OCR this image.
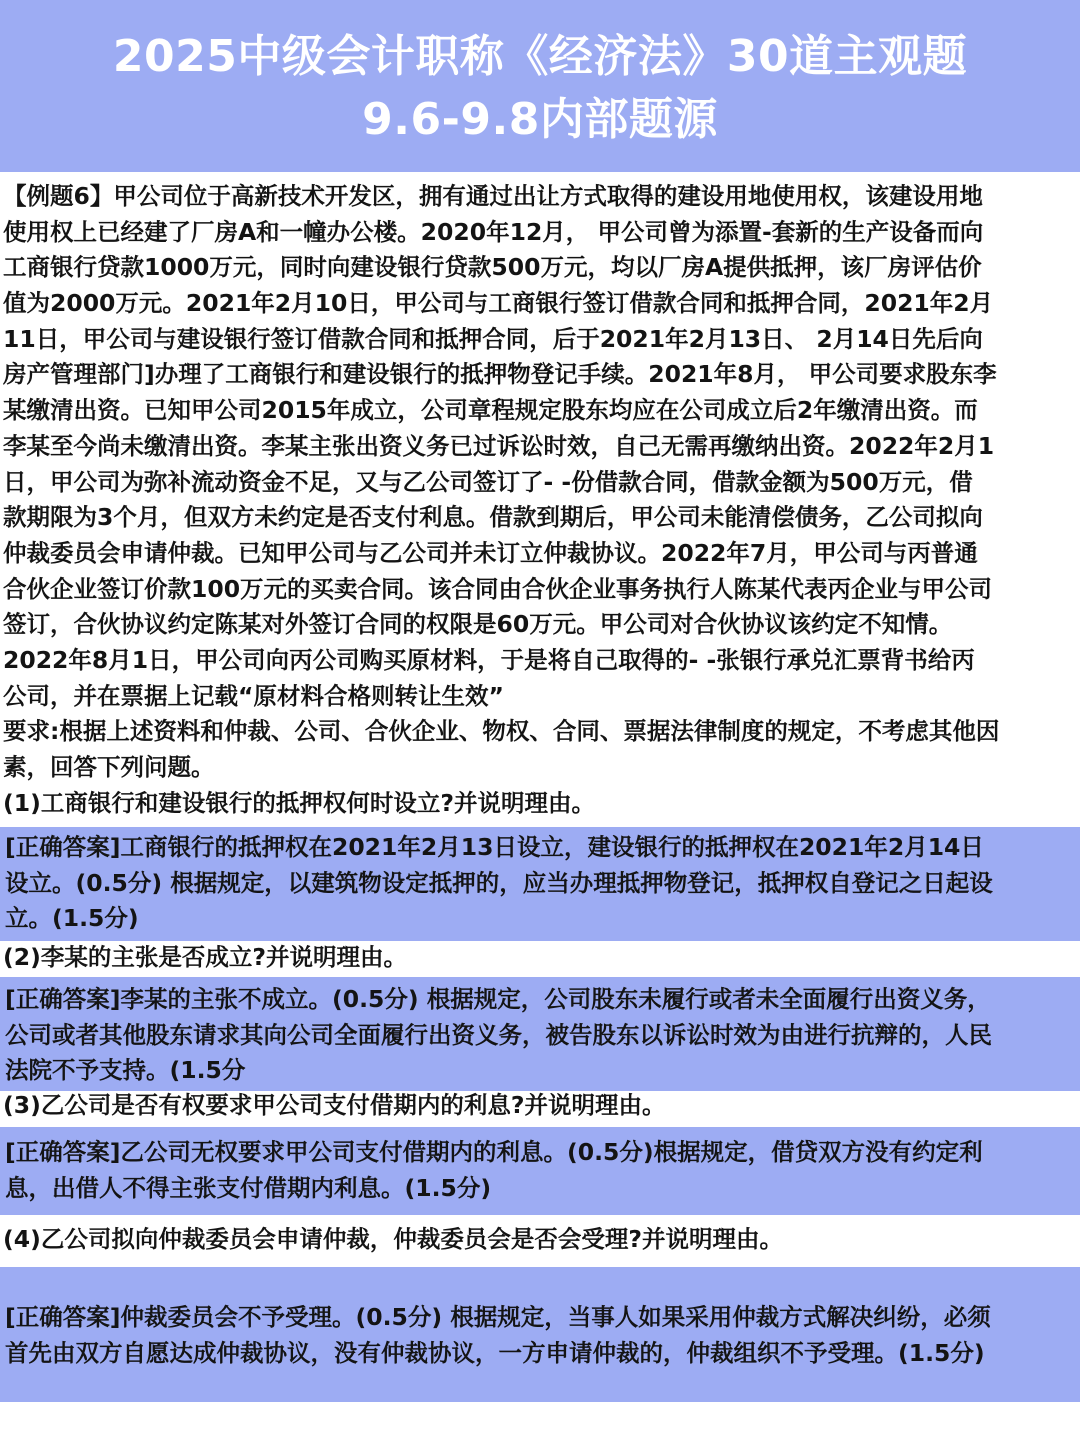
2025中级会计职称《经济法》30道主观题
9.6-9.8内部题源
【例题6】甲公司位于高新技术开发区，拥有通过出让方式取得的建设用地使用权，该建设用地
使用权上已经建了厂房A和一幢办公楼。2020年12月， 甲公司曾为添置-套新的生产设备而向
工商银行贷款1000万元，同时向建设银行贷款500万元，均以厂房A提供抵押，该厂房评估价
值为2000万元。2021年2月10日，甲公司与工商银行签订借款合同和抵押合同，2021年2月
11日，甲公司与建设银行签订借款合同和抵押合同，后于2021年2月13日、 2月14日先后向
房产管理部门]办理了工商银行和建设银行的抵押物登记手续。2021年8月， 甲公司要求股东李
某缴清出资。已知甲公司2015年成立，公司章程规定股东均应在公司成立后2年缴清出资。而
李某至今尚未缴清出资。李某主张出资义务已过诉讼时效，自己无需再缴纳出资。2022年2月1
日，甲公司为弥补流动资金不足，又与乙公司签订了- -份借款合同，借款金额为500万元，借
款期限为3个月，但双方未约定是否支付利息。借款到期后，甲公司未能清偿债务，乙公司拟向
仲裁委员会申请仲裁。已知甲公司与乙公司并未订立仲裁协议。2022年7月，甲公司与丙普通
合伙企业签订价款100万元的买卖合同。该合同由合伙企业事务执行人陈某代表丙企业与甲公司
签订，合伙协议约定陈某对外签订合同的权限是60万元。甲公司对合伙协议该约定不知情。
2022年8月1日，甲公司向丙公司购买原材料，于是将自己取得的- -张银行承兑汇票背书给丙
公司，并在票据上记载“原材料合格则转让生效”
要求:根据上述资料和仲裁、公司、合伙企业、物权、合同、票据法律制度的规定，不考虑其他因
素，回答下列问题。
(1)工商银行和建设银行的抵押权何时设立?并说明理由。
[正确答案]工商银行的抵押权在2021年2月13日设立，建设银行的抵押权在2021年2月14日
设立。(0.5分) 根据规定，以建筑物设定抵押的，应当办理抵押物登记，抵押权自登记之日起设
立。(1.5分)
(2)李某的主张是否成立?并说明理由。
[正确答案]李某的主张不成立。(0.5分) 根据规定，公司股东未履行或者未全面履行出资义务，
公司或者其他股东请求其向公司全面履行出资义务，被告股东以诉讼时效为由进行抗辩的，人民
法院不予支持。(1.5分
(3)乙公司是否有权要求甲公司支付借期内的利息?并说明理由。
[正确答案]乙公司无权要求甲公司支付借期内的利息。(0.5分)根据规定，借贷双方没有约定利
息，出借人不得主张支付借期内利息。(1.5分)
(4)乙公司拟向仲裁委员会申请仲裁，仲裁委员会是否会受理?并说明理由。
[正确答案]仲裁委员会不予受理。(0.5分) 根据规定，当事人如果采用仲裁方式解决纠纷，必须
首先由双方自愿达成仲裁协议，没有仲裁协议，一方申请仲裁的，仲裁组织不予受理。(1.5分)
